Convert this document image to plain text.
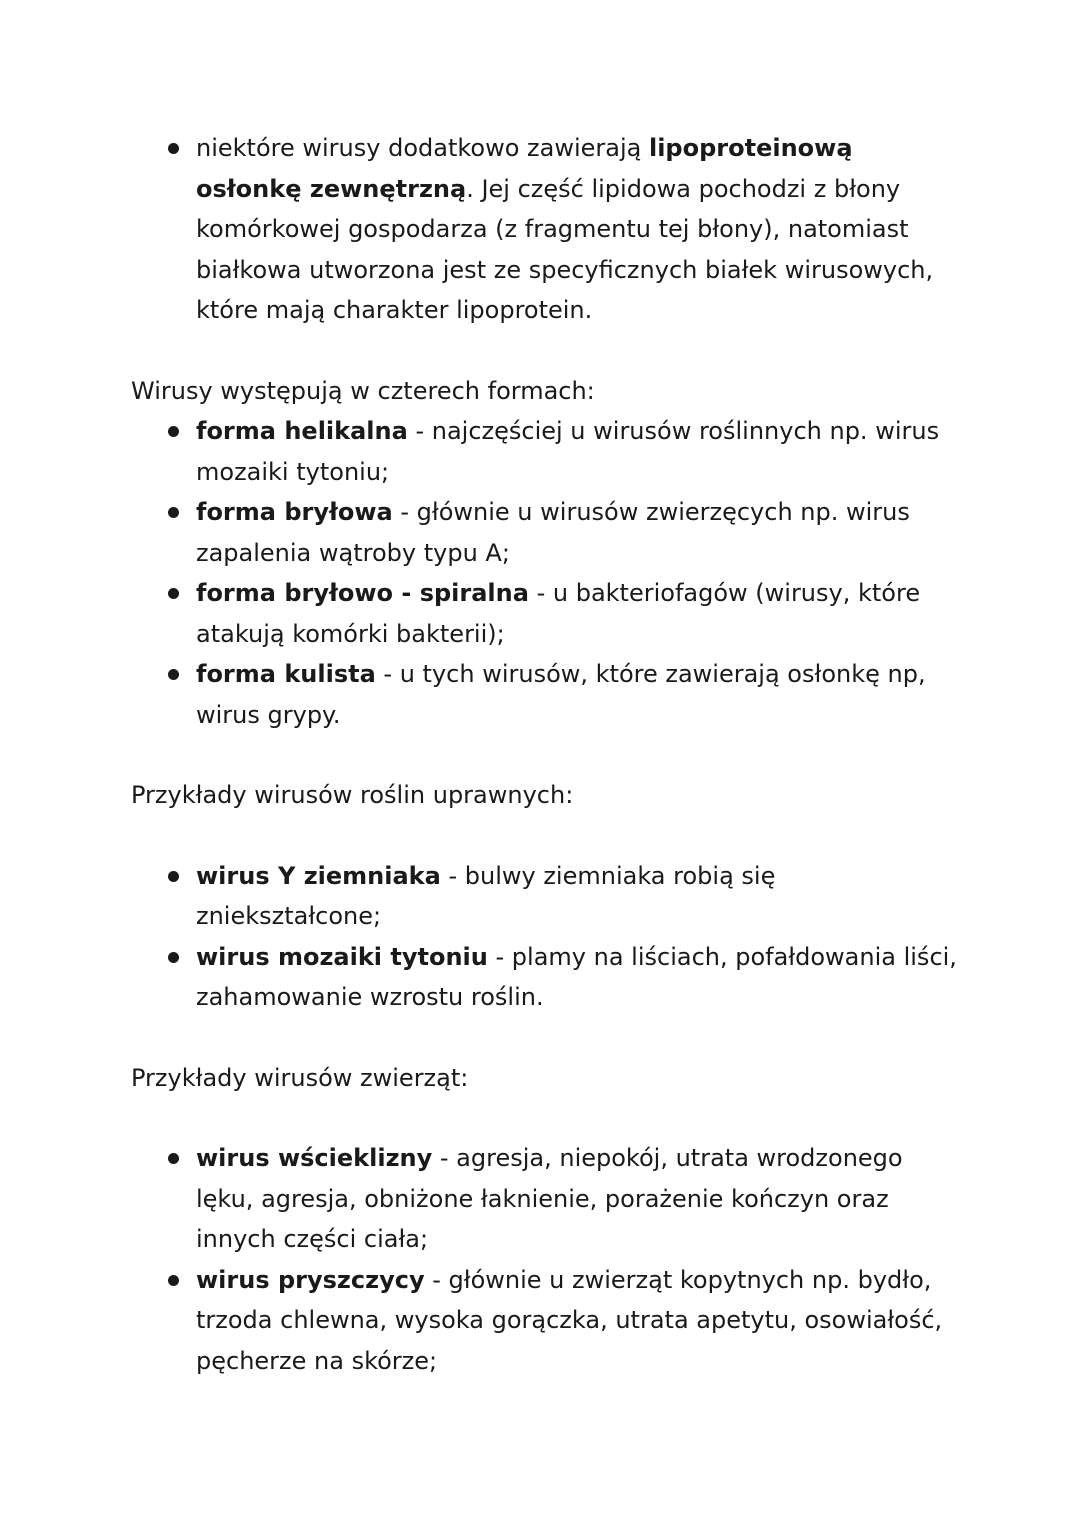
niektóre wirusy dodatkowo zawierają lipoproteinową osłonkę zewnętrzną. Jej część lipidowa pochodzi z błony komórkowej gospodarza (z fragmentu tej błony), natomiast białkowa utworzona jest ze specyficznych białek wirusowych, które mają charakter lipoprotein.

Wirusy występują w czterech formach:

forma helikalna - najczęściej u wirusów roślinnych np. wirus mozaiki tytoniu;
forma bryłowa - głównie u wirusów zwierzęcych np. wirus zapalenia wątroby typu A;
forma bryłowo - spiralna - u bakteriofagów (wirusy, które atakują komórki bakterii);
forma kulista - u tych wirusów, które zawierają osłonkę np, wirus grypy.

Przykłady wirusów roślin uprawnych:

wirus Y ziemniaka - bulwy ziemniaka robią się zniekształcone;
wirus mozaiki tytoniu - plamy na liściach, pofałdowania liści, zahamowanie wzrostu roślin.

Przykłady wirusów zwierząt:

wirus wścieklizny - agresja, niepokój, utrata wrodzonego lęku, agresja, obniżone łaknienie, porażenie kończyn oraz innych części ciała;
wirus pryszczycy - głównie u zwierząt kopytnych np. bydło, trzoda chlewna, wysoka gorączka, utrata apetytu, osowiałość, pęcherze na skórze;
